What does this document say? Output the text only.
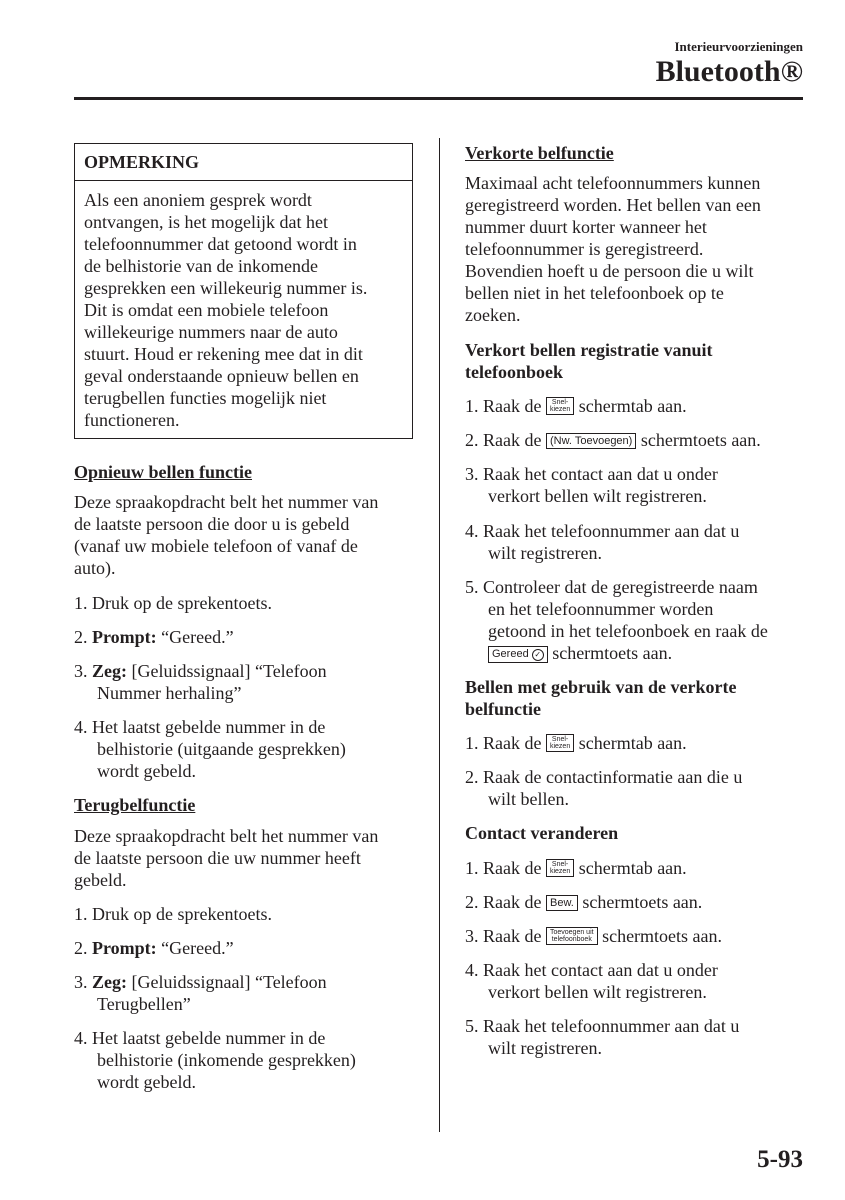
Interieurvoorzieningen
Bluetooth®
OPMERKING
Als een anoniem gesprek wordt
ontvangen, is het mogelijk dat het
telefoonnummer dat getoond wordt in
de belhistorie van de inkomende
gesprekken een willekeurig nummer is.
Dit is omdat een mobiele telefoon
willekeurige nummers naar de auto
stuurt. Houd er rekening mee dat in dit
geval onderstaande opnieuw bellen en
terugbellen functies mogelijk niet
functioneren.
Opnieuw bellen functie
Deze spraakopdracht belt het nummer van
de laatste persoon die door u is gebeld
(vanaf uw mobiele telefoon of vanaf de
auto).
1. Druk op de sprekentoets.
2. Prompt: “Gereed.”
3. Zeg: [Geluidssignaal] “Telefoon
Nummer herhaling”
4. Het laatst gebelde nummer in de
belhistorie (uitgaande gesprekken)
wordt gebeld.
Terugbelfunctie
Deze spraakopdracht belt het nummer van
de laatste persoon die uw nummer heeft
gebeld.
1. Druk op de sprekentoets.
2. Prompt: “Gereed.”
3. Zeg: [Geluidssignaal] “Telefoon
Terugbellen”
4. Het laatst gebelde nummer in de
belhistorie (inkomende gesprekken)
wordt gebeld.
Verkorte belfunctie
Maximaal acht telefoonnummers kunnen
geregistreerd worden. Het bellen van een
nummer duurt korter wanneer het
telefoonnummer is geregistreerd.
Bovendien hoeft u de persoon die u wilt
bellen niet in het telefoonboek op te
zoeken.
Verkort bellen registratie vanuit
telefoonboek
1. Raak de Snel-
kiezen schermtab aan.
2. Raak de (Nw. Toevoegen) schermtoets aan.
3. Raak het contact aan dat u onder
verkort bellen wilt registreren.
4. Raak het telefoonnummer aan dat u
wilt registreren.
5. Controleer dat de geregistreerde naam
en het telefoonnummer worden
getoond in het telefoonboek en raak de
Gereed ✓ schermtoets aan.
Bellen met gebruik van de verkorte
belfunctie
1. Raak de Snel-
kiezen schermtab aan.
2. Raak de contactinformatie aan die u
wilt bellen.
Contact veranderen
1. Raak de Snel-
kiezen schermtab aan.
2. Raak de Bew. schermtoets aan.
3. Raak de Toevoegen uit
telefoonboek schermtoets aan.
4. Raak het contact aan dat u onder
verkort bellen wilt registreren.
5. Raak het telefoonnummer aan dat u
wilt registreren.
5-93
